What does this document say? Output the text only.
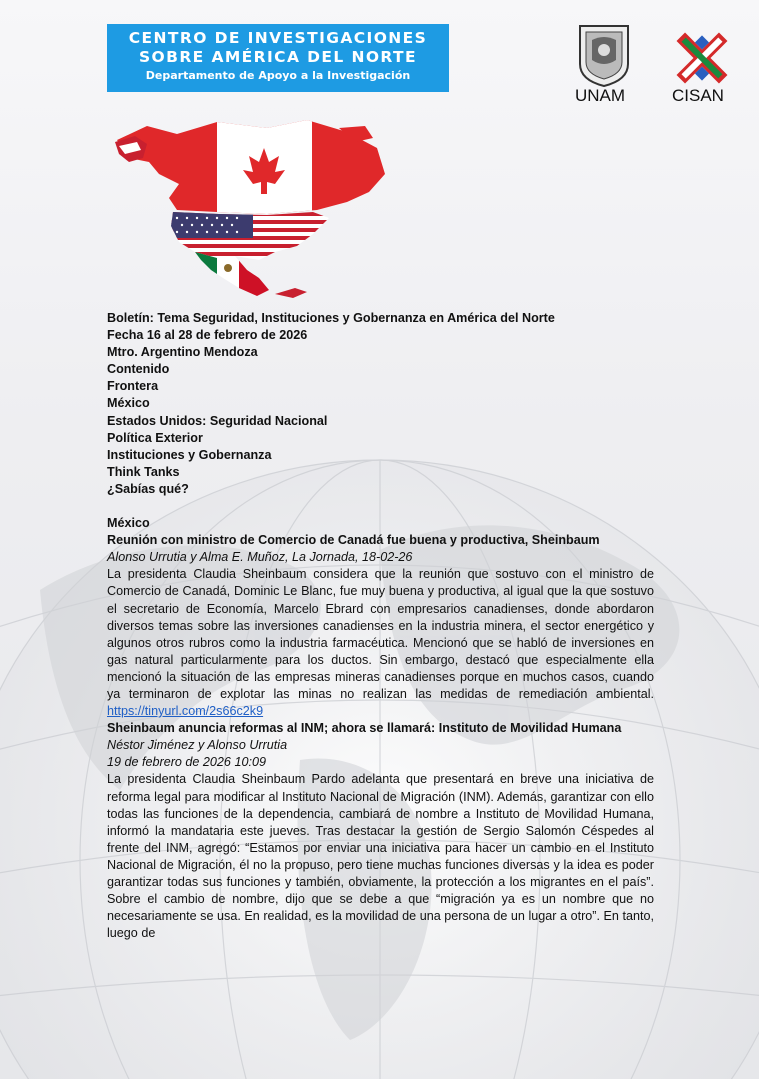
CENTRO DE INVESTIGACIONES
SOBRE AMÉRICA DEL NORTE
Departamento de Apoyo a la Investigación
UNAM	CISAN
Boletín: Tema Seguridad, Instituciones y Gobernanza en América del Norte
Fecha 16 al 28 de febrero de 2026
Mtro. Argentino Mendoza
Contenido
Frontera
México
Estados Unidos: Seguridad Nacional
Política Exterior
Instituciones y Gobernanza
Think Tanks
¿Sabías qué?
México
Reunión con ministro de Comercio de Canadá fue buena y productiva, Sheinbaum
Alonso Urrutia y Alma E. Muñoz, La Jornada, 18-02-26
La presidenta Claudia Sheinbaum considera que la reunión que sostuvo con el ministro de Comercio de Canadá, Dominic Le Blanc, fue muy buena y productiva, al igual que la que sostuvo el secretario de Economía, Marcelo Ebrard con empresarios canadienses, donde abordaron diversos temas sobre las inversiones canadienses en la industria minera, el sector energético y algunos otros rubros como la industria farmacéutica. Mencionó que se habló de inversiones en gas natural particularmente para los ductos. Sin embargo, destacó que especialmente ella mencionó la situación de las empresas mineras canadienses porque en muchos casos, cuando ya terminaron de explotar las minas no realizan las medidas de remediación ambiental. https://tinyurl.com/2s66c2k9
Sheinbaum anuncia reformas al INM; ahora se llamará: Instituto de Movilidad Humana
Néstor Jiménez y Alonso Urrutia
19 de febrero de 2026 10:09
La presidenta Claudia Sheinbaum Pardo adelanta que presentará en breve una iniciativa de reforma legal para modificar al Instituto Nacional de Migración (INM). Además, garantizar con ello todas las funciones de la dependencia, cambiará de nombre a Instituto de Movilidad Humana, informó la mandataria este jueves. Tras destacar la gestión de Sergio Salomón Céspedes al frente del INM, agregó: “Estamos por enviar una iniciativa para hacer un cambio en el Instituto Nacional de Migración, él no la propuso, pero tiene muchas funciones diversas y la idea es poder garantizar todas sus funciones y también, obviamente, la protección a los migrantes en el país”. Sobre el cambio de nombre, dijo que se debe a que “migración ya es un nombre que no necesariamente se usa. En realidad, es la movilidad de una persona de un lugar a otro”. En tanto, luego de
